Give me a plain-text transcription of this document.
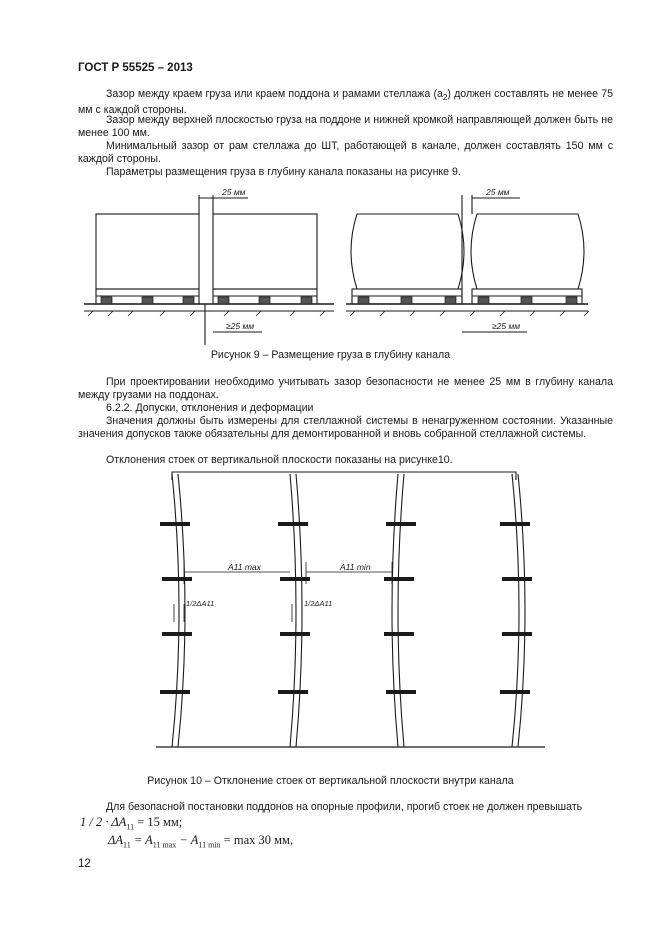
ГОСТ Р 55525 – 2013
Зазор между краем груза или краем поддона и рамами стеллажа $(а_2)$ должен составлять не менее 75 мм с каждой стороны.
Зазор между верхней плоскостью груза на поддоне и нижней кромкой направляющей должен быть не менее 100 мм.
Минимальный зазор от рам стеллажа до ШТ, работающей в канале, должен составлять 150 мм с каждой стороны.
Параметры размещения груза в глубину канала показаны на рисунке 9.
25 мм	25 мм
≥25 мм	≥25 мм
Рисунок 9 – Размещение груза в глубину канала
При проектировании необходимо учитывать зазор безопасности не менее 25 мм в глубину канала между грузами на поддонах.
6.2.2. Допуски, отклонения и деформации
Значения должны быть измерены для стеллажной системы в ненагруженном состоянии. Указанные значения допусков также обязательны для демонтированной и вновь собранной стеллажной системы.
Отклонения стоек от вертикальной плоскости показаны на рисунке10.
A11 max	A11 min
1/2ΔA11	1/2ΔA11
Рисунок 10 – Отклонение стоек от вертикальной плоскости внутри канала
Для безопасной постановки поддонов на опорные профили, прогиб стоек не должен превышать
$1 / 2 \cdot \Delta A_{11} = 15$ мм;
$\Delta A_{11} = A_{11 max} - A_{11 min} = \max 30$ мм,
12
